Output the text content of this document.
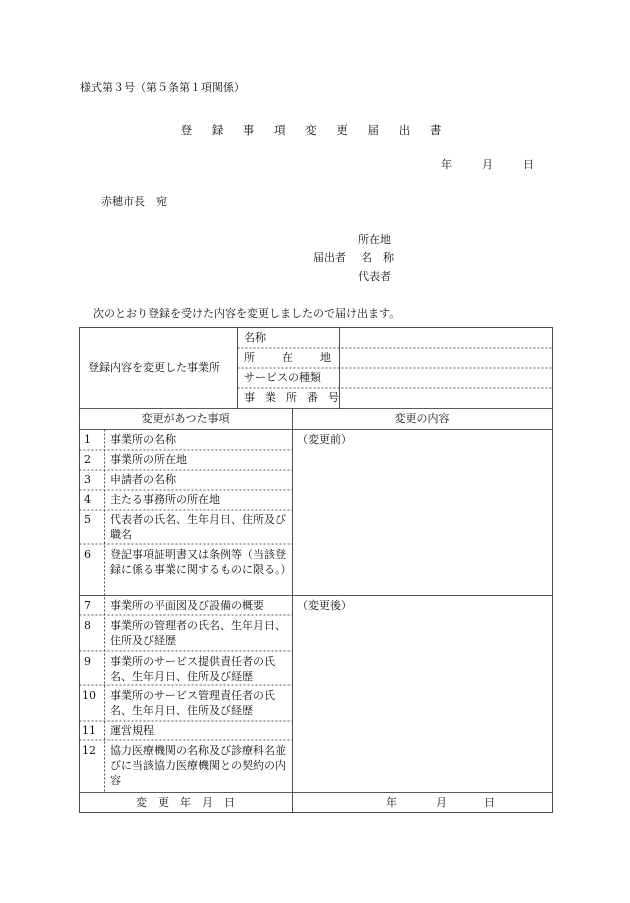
様式第３号（第５条第１項関係）
登 録 事 項 変 更 届 出 書
年	月	日
赤穂市長　宛
所在地
届出者 名　称
代表者
次のとおり登録を受けた内容を変更しましたので届け出ます。
登録内容を変更した事業所
名称
所在地
サービスの種類
事業所番号
変更があつた事項	変更の内容
（変更前）
（変更後）
1 事業所の名称
2 事業所の所在地
3 申請者の名称
4 主たる事務所の所在地
5 代表者の氏名、生年月日、住所及び職名
6 登記事項証明書又は条例等（当該登録に係る事業に関するものに限る。）
7 事業所の平面図及び設備の概要
8 事業所の管理者の氏名、生年月日、住所及び経歴
9 事業所のサービス提供責任者の氏名、生年月日、住所及び経歴
10 事業所のサービス管理責任者の氏名、生年月日、住所及び経歴
11 運営規程
12 協力医療機関の名称及び診療科名並びに当該協力医療機関との契約の内容
変　更　年　月　日	年	月	日
